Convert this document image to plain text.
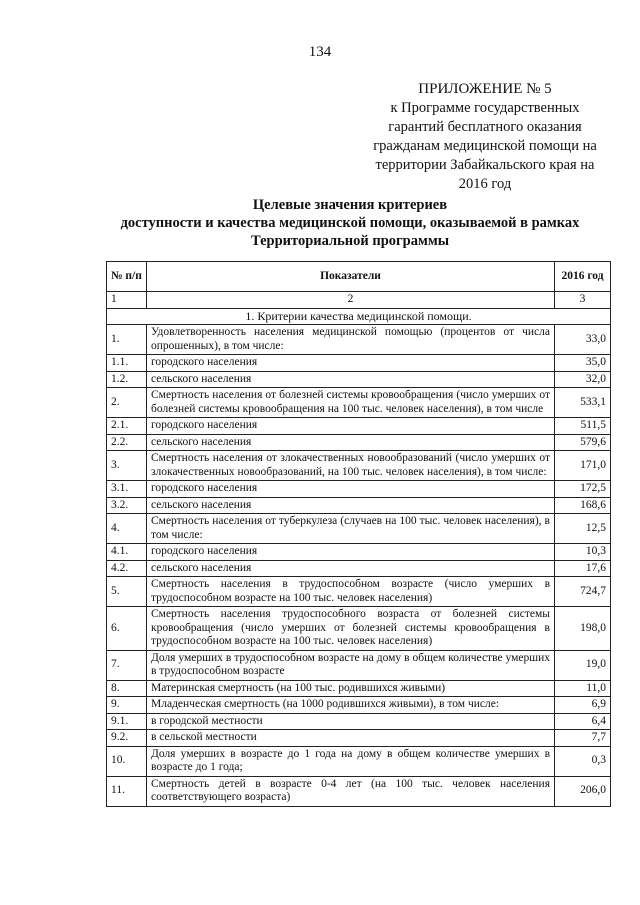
134
ПРИЛОЖЕНИЕ № 5
к Программе государственных
гарантий бесплатного оказания
гражданам медицинской помощи на
территории Забайкальского края на
2016 год
Целевые значения критериев
доступности и качества медицинской помощи, оказываемой в рамках
Территориальной программы
№ п/п	Показатели	2016 год
1	2	3
1. Критерии качества медицинской помощи.		
1.	Удовлетворенность населения медицинской помощью (процентов от числа опрошенных), в том числе:	33,0
1.1.	городского населения	35,0
1.2.	сельского населения	32,0
2.	Смертность населения от болезней системы кровообращения (число умерших от болезней системы кровообращения на 100 тыс. человек населения), в том числе	533,1
2.1.	городского населения	511,5
2.2.	сельского населения	579,6
3.	Смертность населения от злокачественных новообразований (число умерших от злокачественных новообразований, на 100 тыс. человек населения), в том числе:	171,0
3.1.	городского населения	172,5
3.2.	сельского населения	168,6
4.	Смертность населения от туберкулеза (случаев на 100 тыс. человек населения), в том числе:	12,5
4.1.	городского населения	10,3
4.2.	сельского населения	17,6
5.	Смертность населения в трудоспособном возрасте (число умерших в трудоспособном возрасте на 100 тыс. человек населения)	724,7
6.	Смертность населения трудоспособного возраста от болезней системы кровообращения (число умерших от болезней системы кровообращения в трудоспособном возрасте на 100 тыс. человек населения)	198,0
7.	Доля умерших в трудоспособном возрасте на дому в общем количестве умерших в трудоспособном возрасте	19,0
8.	Материнская смертность (на 100 тыс. родившихся живыми)	11,0
9.	Младенческая смертность (на 1000 родившихся живыми), в том числе:	6,9
9.1.	в городской местности	6,4
9.2.	в сельской местности	7,7
10.	Доля умерших в возрасте до 1 года на дому в общем количестве умерших в возрасте до 1 года;	0,3
11.	Смертность детей в возрасте 0-4 лет (на 100 тыс. человек населения соответствующего возраста)	206,0
